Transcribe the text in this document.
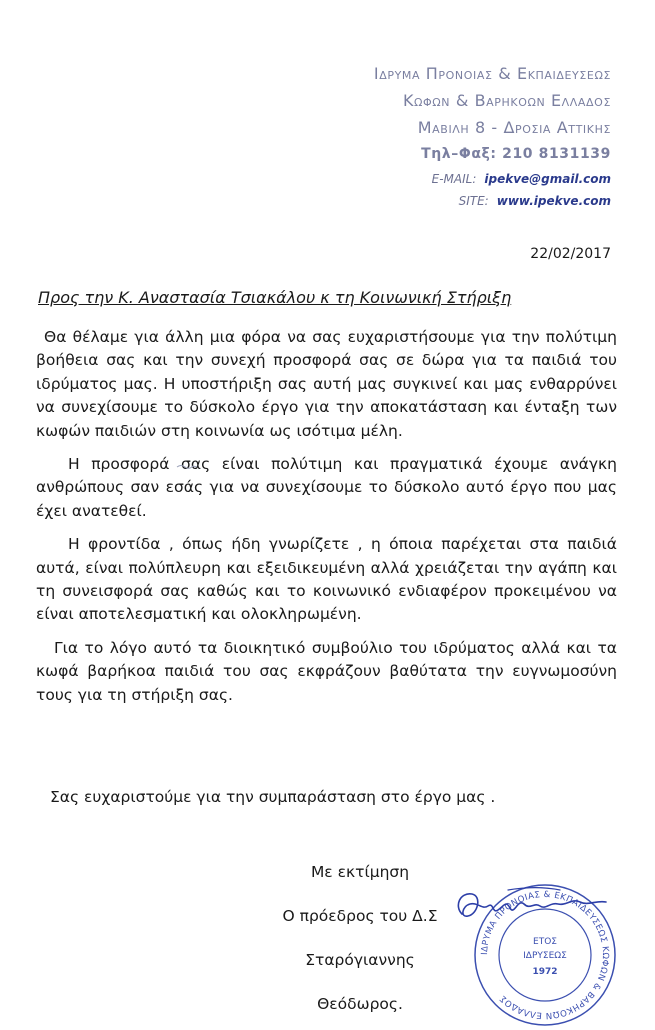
Ιδρυμα Προνοιας & Εκπαιδευσεως
Κωφων & Βαρηκοων Ελλαδος
Μαβιλη 8 - Δροσια Αττικης
Τηλ–Φαξ: 210 8131139
E-MAIL: ipekve@gmail.com
SITE: www.ipekve.com
22/02/2017
Προς την Κ. Αναστασία Τσιακάλου κ τη Κοινωνική Στήριξη

Θα θέλαμε για άλλη μια φόρα να σας ευχαριστήσουμε για την πολύτιμη βοήθεια σας και την συνεχή προσφορά σας σε δώρα για τα παιδιά του ιδρύματος μας. Η υποστήριξη σας αυτή μας συγκινεί και μας ενθαρρύνει να συνεχίσουμε το δύσκολο έργο για την αποκατάσταση και ένταξη των κωφών παιδιών στη κοινωνία ως ισότιμα μέλη.

Η προσφορά σας είναι πολύτιμη και πραγματικά έχουμε ανάγκη ανθρώπους σαν εσάς για να συνεχίσουμε το δύσκολο αυτό έργο που μας έχει ανατεθεί.

Η φροντίδα , όπως ήδη γνωρίζετε , η όποια παρέχεται στα παιδιά αυτά, είναι πολύπλευρη και εξειδικευμένη αλλά χρειάζεται την αγάπη και τη συνεισφορά σας καθώς και το κοινωνικό ενδιαφέρον προκειμένου να είναι αποτελεσματική και ολοκληρωμένη.

Για το λόγο αυτό τα διοικητικό συμβούλιο του ιδρύματος αλλά και τα κωφά βαρήκοα παιδιά του σας εκφράζουν βαθύτατα την ευγνωμοσύνη τους για τη στήριξη σας.

Σας ευχαριστούμε για την συμπαράσταση στο έργο μας .
Με εκτίμηση
Ο πρόεδρος του Δ.Σ
Σταρόγιαννης Θεόδωρος.
ΙΔΡΥΜΑ ΠΡΟΝΟΙΑΣ & ΕΚΠΑΙΔΕΥΣΕΩΣ ΚΩΦΩΝ & ΒΑΡΗΚΟΩΝ ΕΛΛΑΔΟΣ
ΕΤΟΣ
ΙΔΡΥΣΕΩΣ
1972
